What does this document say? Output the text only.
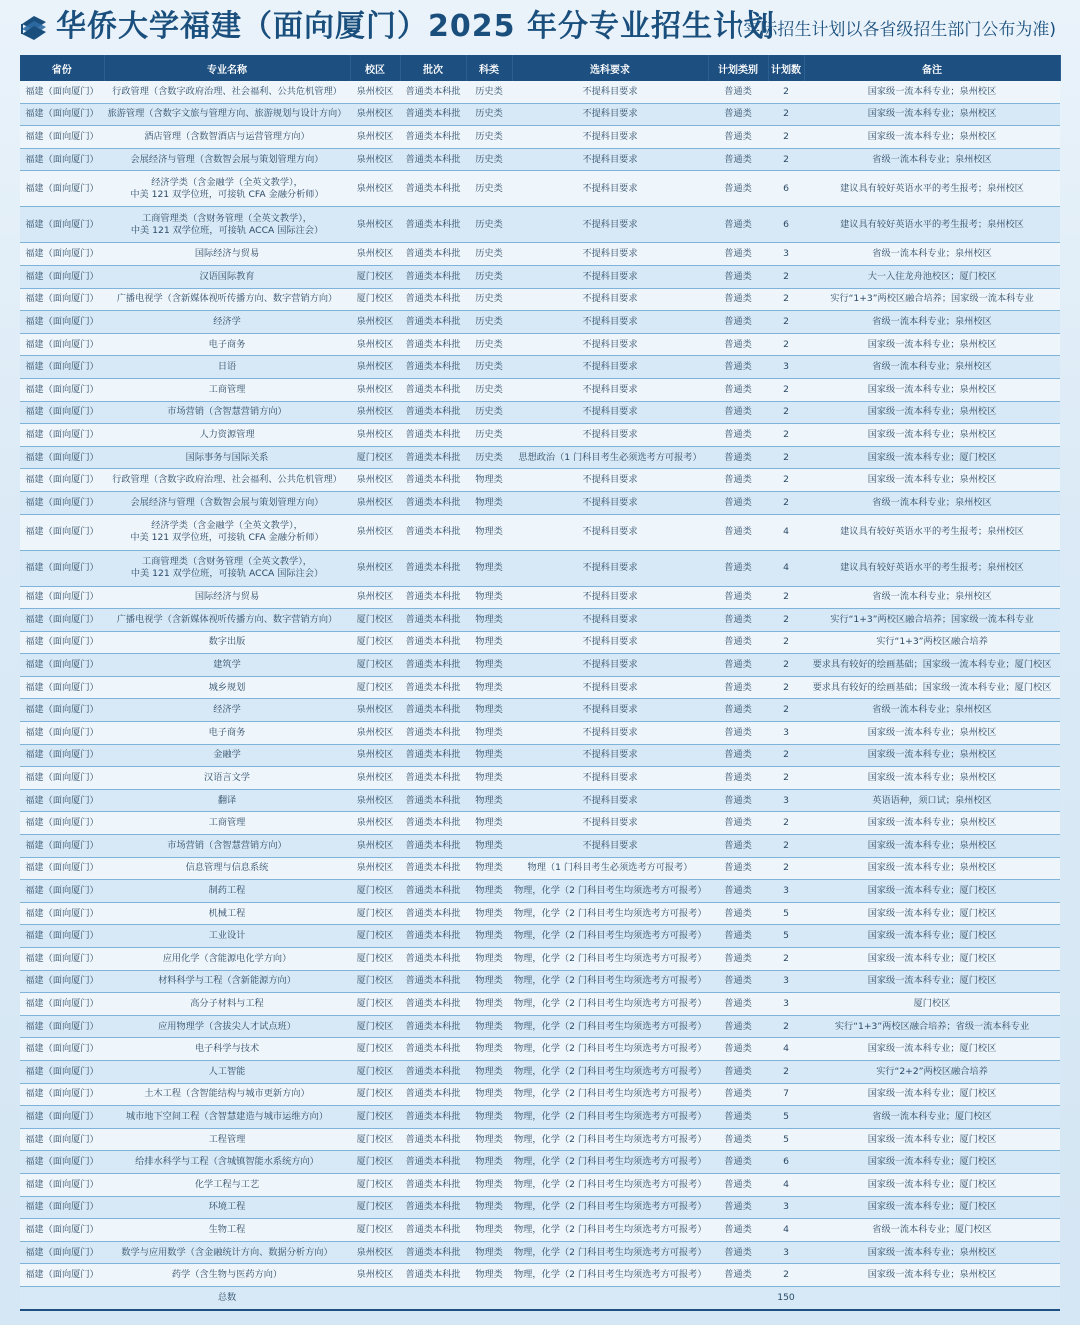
华侨大学福建（面向厦门）2025 年分专业招生计划
(实际招生计划以各省级招生部门公布为准)
省份	专业名称	校区	批次	科类	选科要求	计划类别	计划数	备注
福建（面向厦门）	行政管理（含数字政府治理、社会福利、公共危机管理）	泉州校区	普通类本科批	历史类	不提科目要求	普通类	2	国家级一流本科专业；泉州校区
福建（面向厦门）	旅游管理（含数字文旅与管理方向、旅游规划与设计方向）	泉州校区	普通类本科批	历史类	不提科目要求	普通类	2	国家级一流本科专业；泉州校区
福建（面向厦门）	酒店管理（含数智酒店与运营管理方向）	泉州校区	普通类本科批	历史类	不提科目要求	普通类	2	国家级一流本科专业；泉州校区
福建（面向厦门）	会展经济与管理（含数智会展与策划管理方向）	泉州校区	普通类本科批	历史类	不提科目要求	普通类	2	省级一流本科专业；泉州校区
福建（面向厦门）	经济学类（含金融学（全英文教学），
中美 121 双学位班，可接轨 CFA 金融分析师）	泉州校区	普通类本科批	历史类	不提科目要求	普通类	6	建议具有较好英语水平的考生报考；泉州校区
福建（面向厦门）	工商管理类（含财务管理（全英文教学），
中美 121 双学位班，可接轨 ACCA 国际注会）	泉州校区	普通类本科批	历史类	不提科目要求	普通类	6	建议具有较好英语水平的考生报考；泉州校区
福建（面向厦门）	国际经济与贸易	泉州校区	普通类本科批	历史类	不提科目要求	普通类	3	省级一流本科专业；泉州校区
福建（面向厦门）	汉语国际教育	厦门校区	普通类本科批	历史类	不提科目要求	普通类	2	大一入住龙舟池校区；厦门校区
福建（面向厦门）	广播电视学（含新媒体视听传播方向、数字营销方向）	厦门校区	普通类本科批	历史类	不提科目要求	普通类	2	实行“1+3”两校区融合培养；国家级一流本科专业
福建（面向厦门）	经济学	泉州校区	普通类本科批	历史类	不提科目要求	普通类	2	省级一流本科专业；泉州校区
福建（面向厦门）	电子商务	泉州校区	普通类本科批	历史类	不提科目要求	普通类	2	国家级一流本科专业；泉州校区
福建（面向厦门）	日语	泉州校区	普通类本科批	历史类	不提科目要求	普通类	3	省级一流本科专业；泉州校区
福建（面向厦门）	工商管理	泉州校区	普通类本科批	历史类	不提科目要求	普通类	2	国家级一流本科专业；泉州校区
福建（面向厦门）	市场营销（含智慧营销方向）	泉州校区	普通类本科批	历史类	不提科目要求	普通类	2	国家级一流本科专业；泉州校区
福建（面向厦门）	人力资源管理	泉州校区	普通类本科批	历史类	不提科目要求	普通类	2	国家级一流本科专业；泉州校区
福建（面向厦门）	国际事务与国际关系	厦门校区	普通类本科批	历史类	思想政治（1 门科目考生必须选考方可报考）	普通类	2	国家级一流本科专业；厦门校区
福建（面向厦门）	行政管理（含数字政府治理、社会福利、公共危机管理）	泉州校区	普通类本科批	物理类	不提科目要求	普通类	2	国家级一流本科专业；泉州校区
福建（面向厦门）	会展经济与管理（含数智会展与策划管理方向）	泉州校区	普通类本科批	物理类	不提科目要求	普通类	2	省级一流本科专业；泉州校区
福建（面向厦门）	经济学类（含金融学（全英文教学），
中美 121 双学位班，可接轨 CFA 金融分析师）	泉州校区	普通类本科批	物理类	不提科目要求	普通类	4	建议具有较好英语水平的考生报考；泉州校区
福建（面向厦门）	工商管理类（含财务管理（全英文教学），
中美 121 双学位班，可接轨 ACCA 国际注会）	泉州校区	普通类本科批	物理类	不提科目要求	普通类	4	建议具有较好英语水平的考生报考；泉州校区
福建（面向厦门）	国际经济与贸易	泉州校区	普通类本科批	物理类	不提科目要求	普通类	2	省级一流本科专业；泉州校区
福建（面向厦门）	广播电视学（含新媒体视听传播方向、数字营销方向）	厦门校区	普通类本科批	物理类	不提科目要求	普通类	2	实行“1+3”两校区融合培养；国家级一流本科专业
福建（面向厦门）	数字出版	厦门校区	普通类本科批	物理类	不提科目要求	普通类	2	实行“1+3”两校区融合培养
福建（面向厦门）	建筑学	厦门校区	普通类本科批	物理类	不提科目要求	普通类	2	要求具有较好的绘画基础；国家级一流本科专业；厦门校区
福建（面向厦门）	城乡规划	厦门校区	普通类本科批	物理类	不提科目要求	普通类	2	要求具有较好的绘画基础；国家级一流本科专业；厦门校区
福建（面向厦门）	经济学	泉州校区	普通类本科批	物理类	不提科目要求	普通类	2	省级一流本科专业；泉州校区
福建（面向厦门）	电子商务	泉州校区	普通类本科批	物理类	不提科目要求	普通类	3	国家级一流本科专业；泉州校区
福建（面向厦门）	金融学	泉州校区	普通类本科批	物理类	不提科目要求	普通类	2	国家级一流本科专业；泉州校区
福建（面向厦门）	汉语言文学	泉州校区	普通类本科批	物理类	不提科目要求	普通类	2	国家级一流本科专业；泉州校区
福建（面向厦门）	翻译	泉州校区	普通类本科批	物理类	不提科目要求	普通类	3	英语语种，须口试；泉州校区
福建（面向厦门）	工商管理	泉州校区	普通类本科批	物理类	不提科目要求	普通类	2	国家级一流本科专业；泉州校区
福建（面向厦门）	市场营销（含智慧营销方向）	泉州校区	普通类本科批	物理类	不提科目要求	普通类	2	国家级一流本科专业；泉州校区
福建（面向厦门）	信息管理与信息系统	泉州校区	普通类本科批	物理类	物理（1 门科目考生必须选考方可报考）	普通类	2	国家级一流本科专业；泉州校区
福建（面向厦门）	制药工程	厦门校区	普通类本科批	物理类	物理，化学（2 门科目考生均须选考方可报考）	普通类	3	国家级一流本科专业；厦门校区
福建（面向厦门）	机械工程	厦门校区	普通类本科批	物理类	物理，化学（2 门科目考生均须选考方可报考）	普通类	5	国家级一流本科专业；厦门校区
福建（面向厦门）	工业设计	厦门校区	普通类本科批	物理类	物理，化学（2 门科目考生均须选考方可报考）	普通类	5	国家级一流本科专业；厦门校区
福建（面向厦门）	应用化学（含能源电化学方向）	厦门校区	普通类本科批	物理类	物理，化学（2 门科目考生均须选考方可报考）	普通类	2	国家级一流本科专业；厦门校区
福建（面向厦门）	材料科学与工程（含新能源方向）	厦门校区	普通类本科批	物理类	物理，化学（2 门科目考生均须选考方可报考）	普通类	3	国家级一流本科专业；厦门校区
福建（面向厦门）	高分子材料与工程	厦门校区	普通类本科批	物理类	物理，化学（2 门科目考生均须选考方可报考）	普通类	3	厦门校区
福建（面向厦门）	应用物理学（含拔尖人才试点班）	厦门校区	普通类本科批	物理类	物理，化学（2 门科目考生均须选考方可报考）	普通类	2	实行“1+3”两校区融合培养；省级一流本科专业
福建（面向厦门）	电子科学与技术	厦门校区	普通类本科批	物理类	物理，化学（2 门科目考生均须选考方可报考）	普通类	4	国家级一流本科专业；厦门校区
福建（面向厦门）	人工智能	厦门校区	普通类本科批	物理类	物理，化学（2 门科目考生均须选考方可报考）	普通类	2	实行“2+2”两校区融合培养
福建（面向厦门）	土木工程（含智能结构与城市更新方向）	厦门校区	普通类本科批	物理类	物理，化学（2 门科目考生均须选考方可报考）	普通类	7	国家级一流本科专业；厦门校区
福建（面向厦门）	城市地下空间工程（含智慧建造与城市运维方向）	厦门校区	普通类本科批	物理类	物理，化学（2 门科目考生均须选考方可报考）	普通类	5	省级一流本科专业；厦门校区
福建（面向厦门）	工程管理	厦门校区	普通类本科批	物理类	物理，化学（2 门科目考生均须选考方可报考）	普通类	5	国家级一流本科专业；厦门校区
福建（面向厦门）	给排水科学与工程（含城镇智能水系统方向）	厦门校区	普通类本科批	物理类	物理，化学（2 门科目考生均须选考方可报考）	普通类	6	国家级一流本科专业；厦门校区
福建（面向厦门）	化学工程与工艺	厦门校区	普通类本科批	物理类	物理，化学（2 门科目考生均须选考方可报考）	普通类	4	国家级一流本科专业；厦门校区
福建（面向厦门）	环境工程	厦门校区	普通类本科批	物理类	物理，化学（2 门科目考生均须选考方可报考）	普通类	3	国家级一流本科专业；厦门校区
福建（面向厦门）	生物工程	厦门校区	普通类本科批	物理类	物理，化学（2 门科目考生均须选考方可报考）	普通类	4	省级一流本科专业；厦门校区
福建（面向厦门）	数学与应用数学（含金融统计方向、数据分析方向）	泉州校区	普通类本科批	物理类	物理，化学（2 门科目考生均须选考方可报考）	普通类	3	国家级一流本科专业；泉州校区
福建（面向厦门）	药学（含生物与医药方向）	泉州校区	普通类本科批	物理类	物理，化学（2 门科目考生均须选考方可报考）	普通类	2	国家级一流本科专业；泉州校区
	总数						150	
